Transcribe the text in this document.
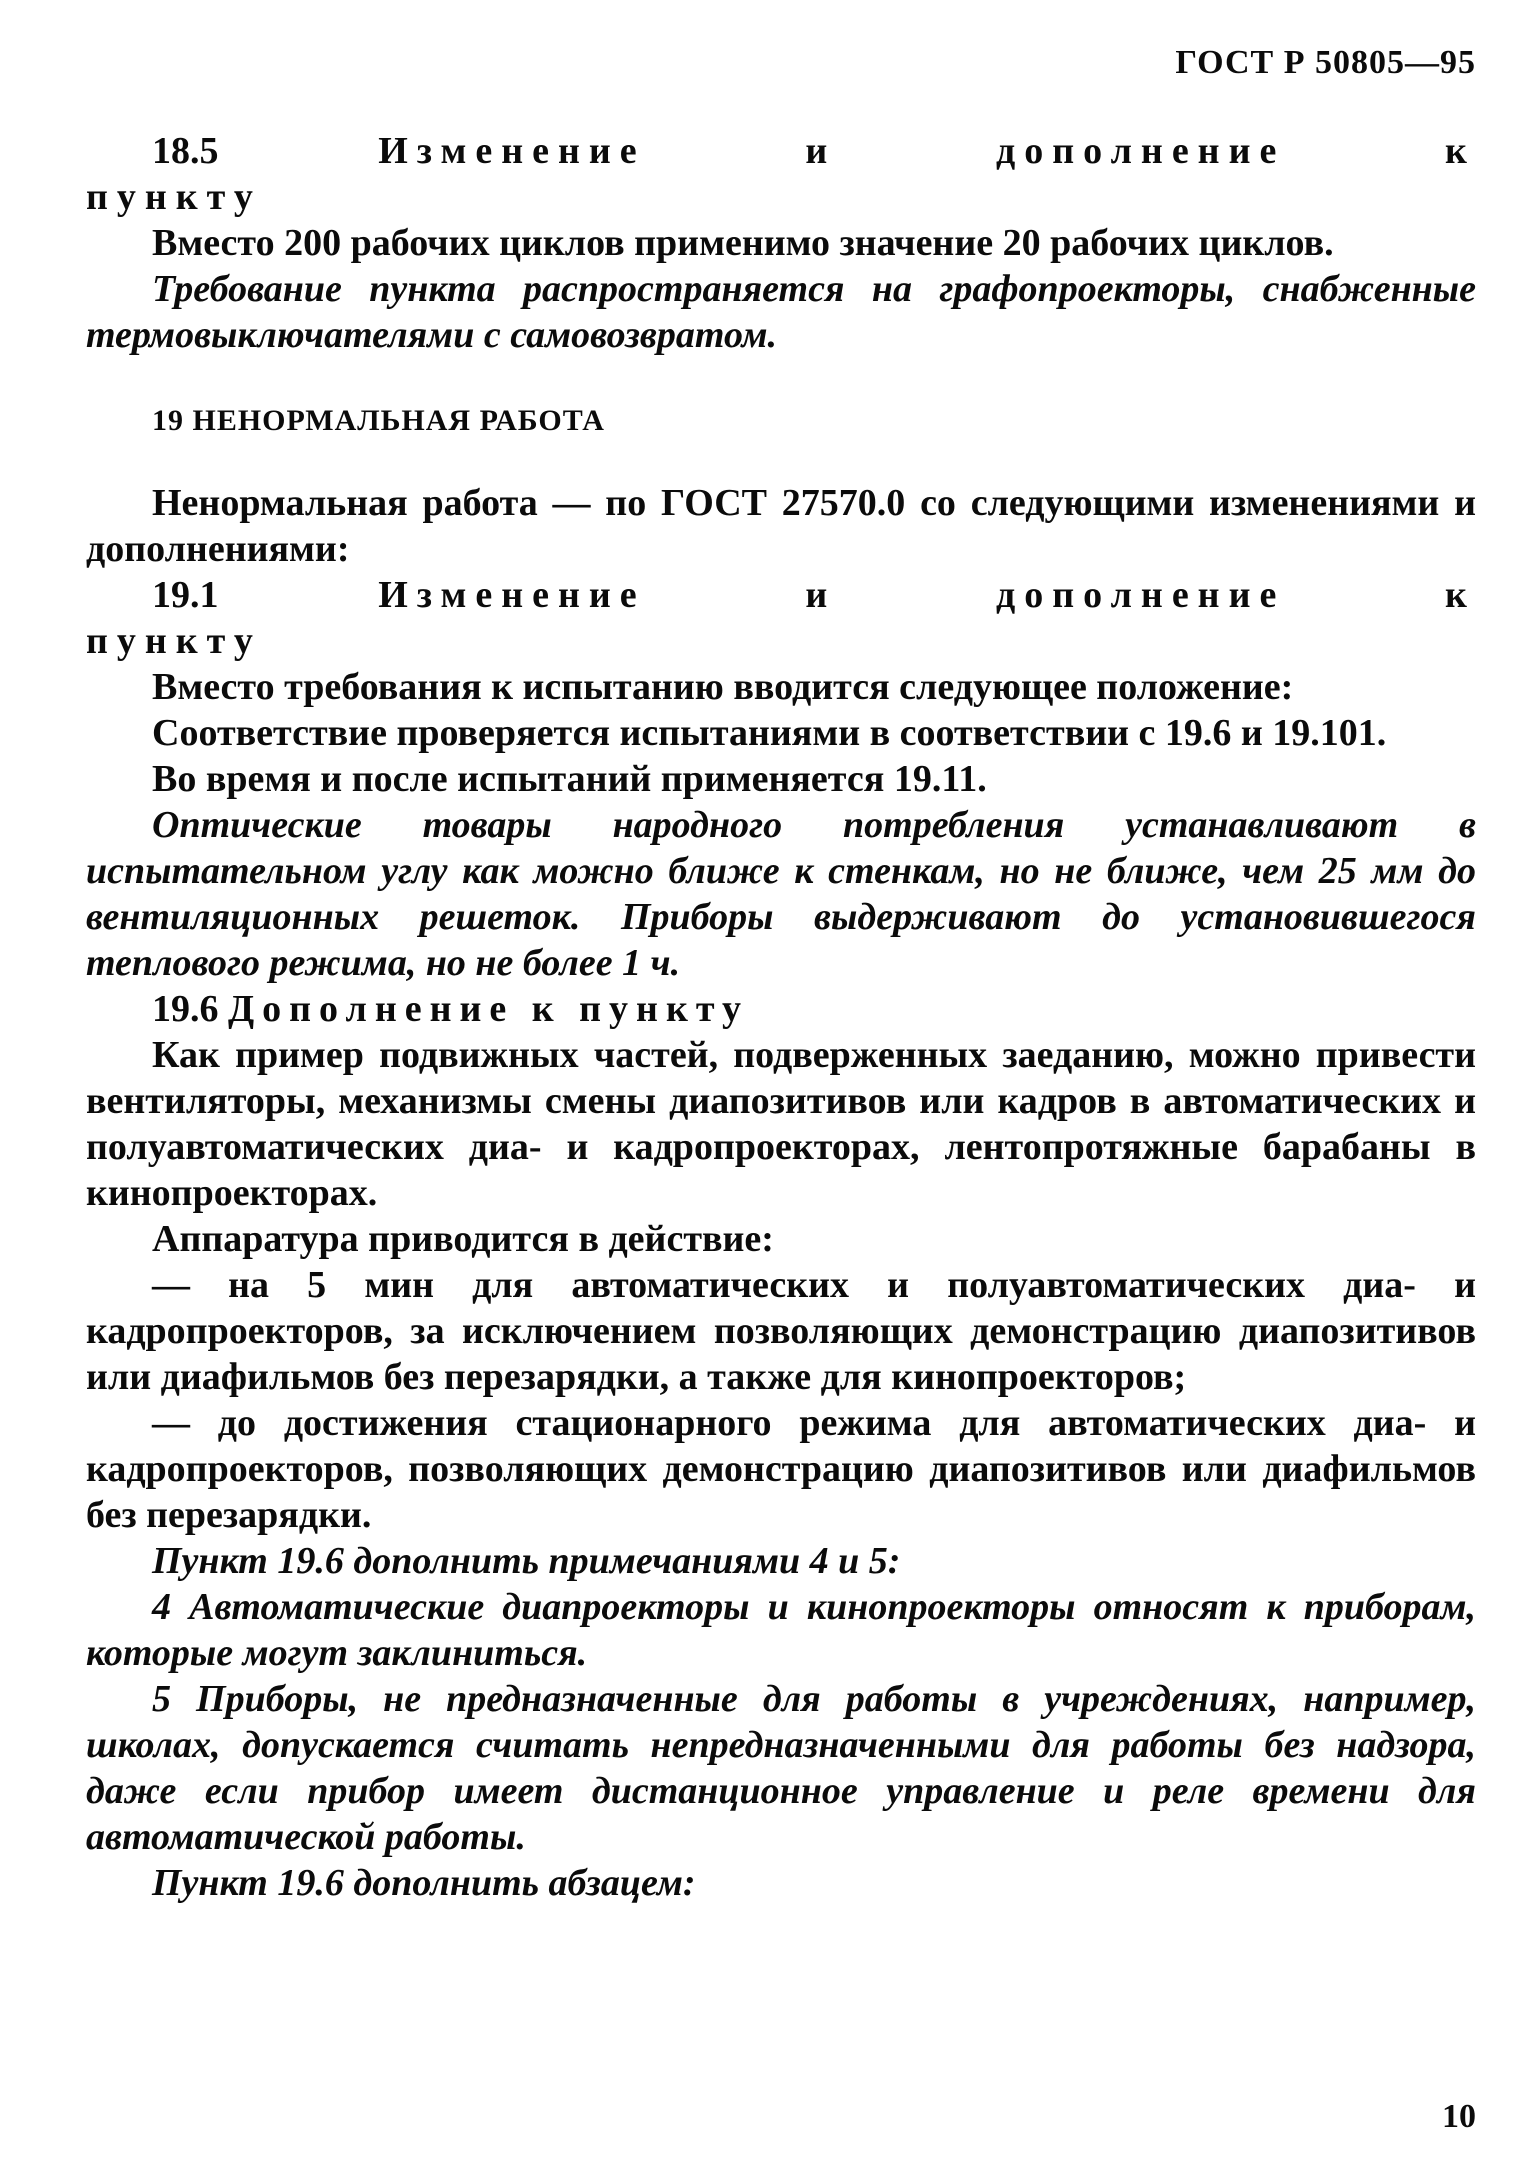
ГОСТ Р 50805—95
18.5	Изменение	и	дополнение	к

пункту

Вместо 200 рабочих циклов применимо значение 20 рабочих циклов.

Требование пункта распространяется на графопроекторы, снабженные термовыключателями с самовозвратом.

19 НЕНОРМАЛЬНАЯ РАБОТА

Ненормальная работа — по ГОСТ 27570.0 со следующими изменениями и дополнениями:

19.1	Изменение	и	дополнение	к

пункту

Вместо требования к испытанию вводится следующее положение:

Соответствие проверяется испытаниями в соответствии с 19.6 и 19.101.

Во время и после испытаний применяется 19.11.

Оптические товары народного потребления устанавливают в испытательном углу как можно ближе к стенкам, но не ближе, чем 25 мм до вентиляционных решеток. Приборы выдерживают до установившегося теплового режима, но не более 1 ч.

19.6 Дополнение к пункту

Как пример подвижных частей, подверженных заеданию, можно привести вентиляторы, механизмы смены диапозитивов или кадров в автоматических и полуавтоматических диа- и кадропроекторах, лентопротяжные барабаны в кинопроекторах.

Аппаратура приводится в действие:

— на 5 мин для автоматических и полуавтоматических диа- и кадропроекторов, за исключением позволяющих демонстрацию диапозитивов или диафильмов без перезарядки, а также для кинопроекторов;

— до достижения стационарного режима для автоматических диа- и кадропроекторов, позволяющих демонстрацию диапозитивов или диафильмов без перезарядки.

Пункт 19.6 дополнить примечаниями 4 и 5:

4 Автоматические диапроекторы и кинопроекторы относят к приборам, которые могут заклиниться.

5 Приборы, не предназначенные для работы в учреждениях, например, школах, допускается считать непредназначенными для работы без надзора, даже если прибор имеет дистанционное управление и реле времени для автоматической работы.

Пункт 19.6 дополнить абзацем:

10
